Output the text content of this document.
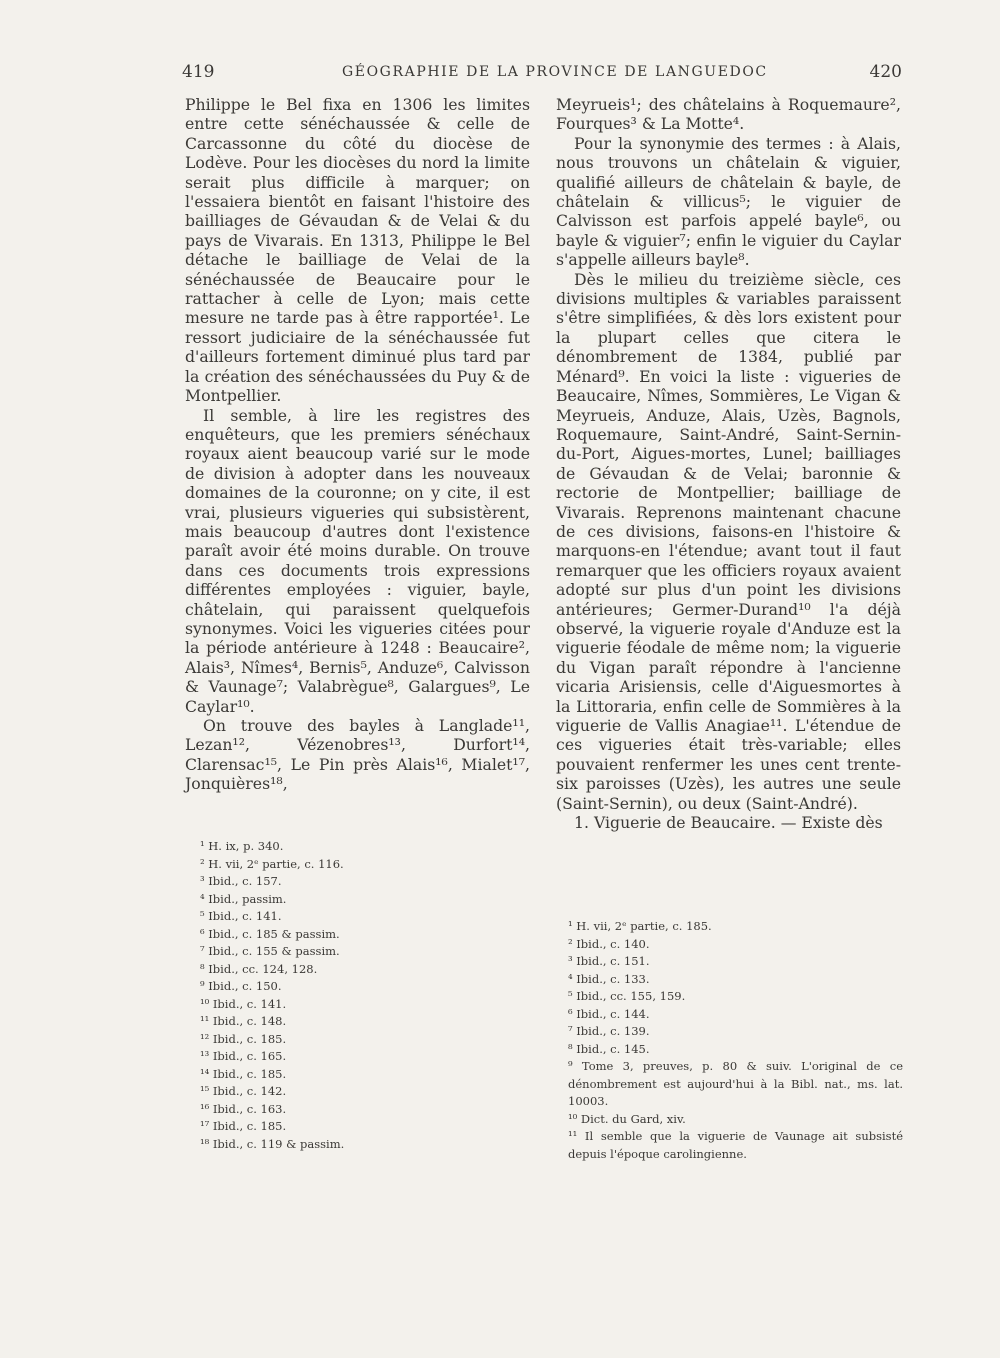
419	GÉOGRAPHIE DE LA PROVINCE DE LANGUEDOC	420

Philippe le Bel fixa en 1306 les limites entre cette sénéchaussée & celle de Carcassonne du côté du diocèse de Lodève. Pour les diocèses du nord la limite serait plus difficile à marquer; on l'essaiera bientôt en faisant l'histoire des bailliages de Gévaudan & de Velai & du pays de Vivarais. En 1313, Philippe le Bel détache le bailliage de Velai de la sénéchaussée de Beaucaire pour le rattacher à celle de Lyon; mais cette mesure ne tarde pas à être rapportée¹. Le ressort judiciaire de la sénéchaussée fut d'ailleurs fortement diminué plus tard par la création des sénéchaussées du Puy & de Montpellier.

Il semble, à lire les registres des enquêteurs, que les premiers sénéchaux royaux aient beaucoup varié sur le mode de division à adopter dans les nouveaux domaines de la couronne; on y cite, il est vrai, plusieurs vigueries qui subsistèrent, mais beaucoup d'autres dont l'existence paraît avoir été moins durable. On trouve dans ces documents trois expressions différentes employées : viguier, bayle, châtelain, qui paraissent quelquefois synonymes. Voici les vigueries citées pour la période antérieure à 1248 : Beaucaire², Alais³, Nîmes⁴, Bernis⁵, Anduze⁶, Calvisson & Vaunage⁷; Valabrègue⁸, Galargues⁹, Le Caylar¹⁰.

On trouve des bayles à Langlade¹¹, Lezan¹², Vézenobres¹³, Durfort¹⁴, Clarensac¹⁵, Le Pin près Alais¹⁶, Mialet¹⁷, Jonquières¹⁸,

Meyrueis¹; des châtelains à Roquemaure², Fourques³ & La Motte⁴.

Pour la synonymie des termes : à Alais, nous trouvons un châtelain & viguier, qualifié ailleurs de châtelain & bayle, de châtelain & villicus⁵; le viguier de Calvisson est parfois appelé bayle⁶, ou bayle & viguier⁷; enfin le viguier du Caylar s'appelle ailleurs bayle⁸.

Dès le milieu du treizième siècle, ces divisions multiples & variables paraissent s'être simplifiées, & dès lors existent pour la plupart celles que citera le dénombrement de 1384, publié par Ménard⁹. En voici la liste : vigueries de Beaucaire, Nîmes, Sommières, Le Vigan & Meyrueis, Anduze, Alais, Uzès, Bagnols, Roquemaure, Saint-André, Saint-Sernin-du-Port, Aigues-mortes, Lunel; bailliages de Gévaudan & de Velai; baronnie & rectorie de Montpellier; bailliage de Vivarais. Reprenons maintenant chacune de ces divisions, faisons-en l'histoire & marquons-en l'étendue; avant tout il faut remarquer que les officiers royaux avaient adopté sur plus d'un point les divisions antérieures; Germer-Durand¹⁰ l'a déjà observé, la viguerie royale d'Anduze est la viguerie féodale de même nom; la viguerie du Vigan paraît répondre à l'ancienne vicaria Arisiensis, celle d'Aiguesmortes à la Littoraria, enfin celle de Sommières à la viguerie de Vallis Anagiae¹¹. L'étendue de ces vigueries était très-variable; elles pouvaient renfermer les unes cent trente-six paroisses (Uzès), les autres une seule (Saint-Sernin), ou deux (Saint-André).

1. Viguerie de Beaucaire. — Existe dès

¹ H. ix, p. 340.

² H. vii, 2ᵉ partie, c. 116.

³ Ibid., c. 157.

⁴ Ibid., passim.

⁵ Ibid., c. 141.

⁶ Ibid., c. 185 & passim.

⁷ Ibid., c. 155 & passim.

⁸ Ibid., cc. 124, 128.

⁹ Ibid., c. 150.

¹⁰ Ibid., c. 141.

¹¹ Ibid., c. 148.

¹² Ibid., c. 185.

¹³ Ibid., c. 165.

¹⁴ Ibid., c. 185.

¹⁵ Ibid., c. 142.

¹⁶ Ibid., c. 163.

¹⁷ Ibid., c. 185.

¹⁸ Ibid., c. 119 & passim.

¹ H. vii, 2ᵉ partie, c. 185.

² Ibid., c. 140.

³ Ibid., c. 151.

⁴ Ibid., c. 133.

⁵ Ibid., cc. 155, 159.

⁶ Ibid., c. 144.

⁷ Ibid., c. 139.

⁸ Ibid., c. 145.

⁹ Tome 3, preuves, p. 80 & suiv. L'original de ce dénombrement est aujourd'hui à la Bibl. nat., ms. lat. 10003.

¹⁰ Dict. du Gard, xiv.

¹¹ Il semble que la viguerie de Vaunage ait subsisté depuis l'époque carolingienne.
